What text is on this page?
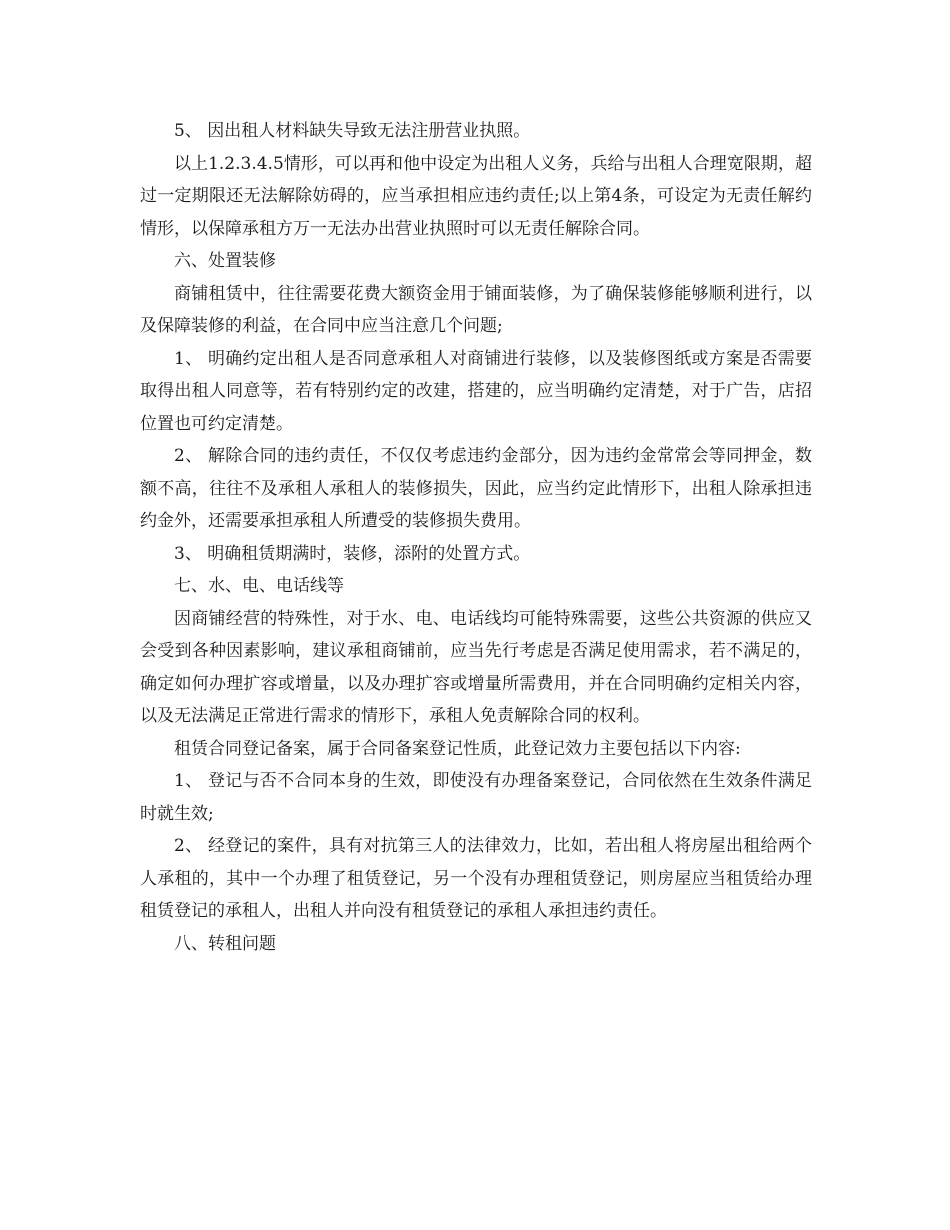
5、 因出租人材料缺失导致无法注册营业执照。

以上1.2.3.4.5情形，可以再和他中设定为出租人义务，兵给与出租人合理宽限期，超过一定期限还无法解除妨碍的，应当承担相应违约责任;以上第4条，可设定为无责任解约情形，以保障承租方万一无法办出营业执照时可以无责任解除合同。

六、处置装修

商铺租赁中，往往需要花费大额资金用于铺面装修，为了确保装修能够顺利进行，以及保障装修的利益，在合同中应当注意几个问题;

1、 明确约定出租人是否同意承租人对商铺进行装修，以及装修图纸或方案是否需要取得出租人同意等，若有特别约定的改建，搭建的，应当明确约定清楚，对于广告，店招位置也可约定清楚。

2、 解除合同的违约责任，不仅仅考虑违约金部分，因为违约金常常会等同押金，数额不高，往往不及承租人承租人的装修损失，因此，应当约定此情形下，出租人除承担违约金外，还需要承担承租人所遭受的装修损失费用。

3、 明确租赁期满时，装修，添附的处置方式。

七、水、电、电话线等

因商铺经营的特殊性，对于水、电、电话线均可能特殊需要，这些公共资源的供应又会受到各种因素影响，建议承租商铺前，应当先行考虑是否满足使用需求，若不满足的，确定如何办理扩容或增量，以及办理扩容或增量所需费用，并在合同明确约定相关内容，以及无法满足正常进行需求的情形下，承租人免责解除合同的权利。

租赁合同登记备案，属于合同备案登记性质，此登记效力主要包括以下内容:

1、 登记与否不合同本身的生效，即使没有办理备案登记，合同依然在生效条件满足时就生效;

2、 经登记的案件，具有对抗第三人的法律效力，比如，若出租人将房屋出租给两个人承租的，其中一个办理了租赁登记，另一个没有办理租赁登记，则房屋应当租赁给办理租赁登记的承租人，出租人并向没有租赁登记的承租人承担违约责任。

八、转租问题
